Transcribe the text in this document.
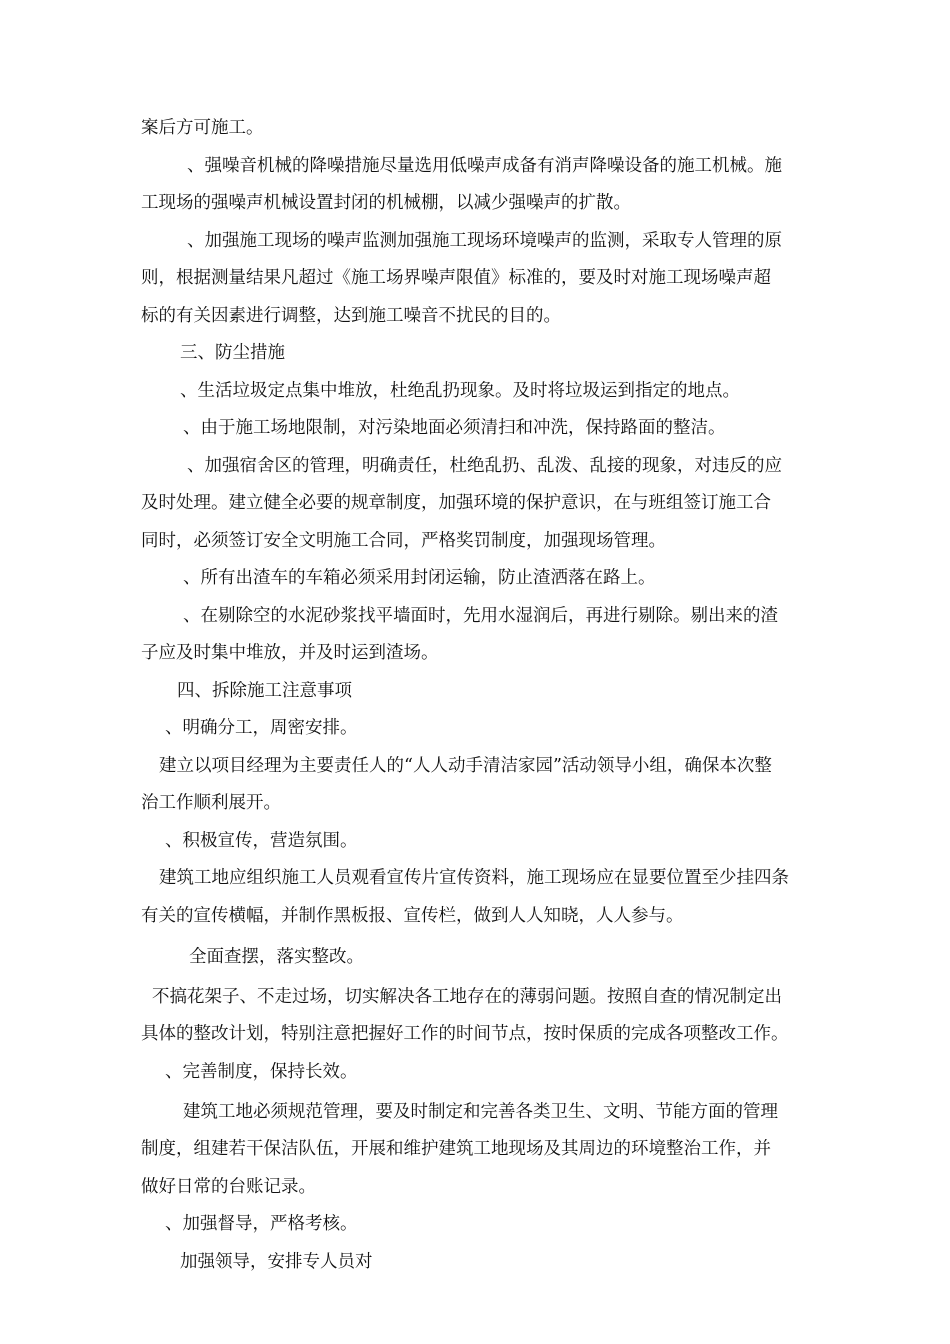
案后方可施工。
、强噪音机械的降噪措施尽量选用低噪声成备有消声降噪设备的施工机械。施
工现场的强噪声机械设置封闭的机械棚，以减少强噪声的扩散。
、加强施工现场的噪声监测加强施工现场环境噪声的监测，采取专人管理的原
则，根据测量结果凡超过《施工场界噪声限值》标准的，要及时对施工现场噪声超
标的有关因素进行调整，达到施工噪音不扰民的目的。
三、防尘措施
、生活垃圾定点集中堆放，杜绝乱扔现象。及时将垃圾运到指定的地点。
、由于施工场地限制，对污染地面必须清扫和冲洗，保持路面的整洁。
、加强宿舍区的管理，明确责任，杜绝乱扔、乱泼、乱接的现象，对违反的应
及时处理。建立健全必要的规章制度，加强环境的保护意识，在与班组签订施工合
同时，必须签订安全文明施工合同，严格奖罚制度，加强现场管理。
、所有出渣车的车箱必须采用封闭运输，防止渣洒落在路上。
、在剔除空的水泥砂浆找平墙面时，先用水湿润后，再进行剔除。剔出来的渣
子应及时集中堆放，并及时运到渣场。
四、拆除施工注意事项
、明确分工，周密安排。
建立以项目经理为主要责任人的“人人动手清洁家园”活动领导小组，确保本次整
治工作顺利展开。
、积极宣传，营造氛围。
建筑工地应组织施工人员观看宣传片宣传资料，施工现场应在显要位置至少挂四条
有关的宣传横幅，并制作黑板报、宣传栏，做到人人知晓，人人参与。
全面查摆，落实整改。
不搞花架子、不走过场，切实解决各工地存在的薄弱问题。按照自查的情况制定出
具体的整改计划，特别注意把握好工作的时间节点，按时保质的完成各项整改工作。
、完善制度，保持长效。
建筑工地必须规范管理，要及时制定和完善各类卫生、文明、节能方面的管理
制度，组建若干保洁队伍，开展和维护建筑工地现场及其周边的环境整治工作，并
做好日常的台账记录。
、加强督导，严格考核。
加强领导，安排专人员对
